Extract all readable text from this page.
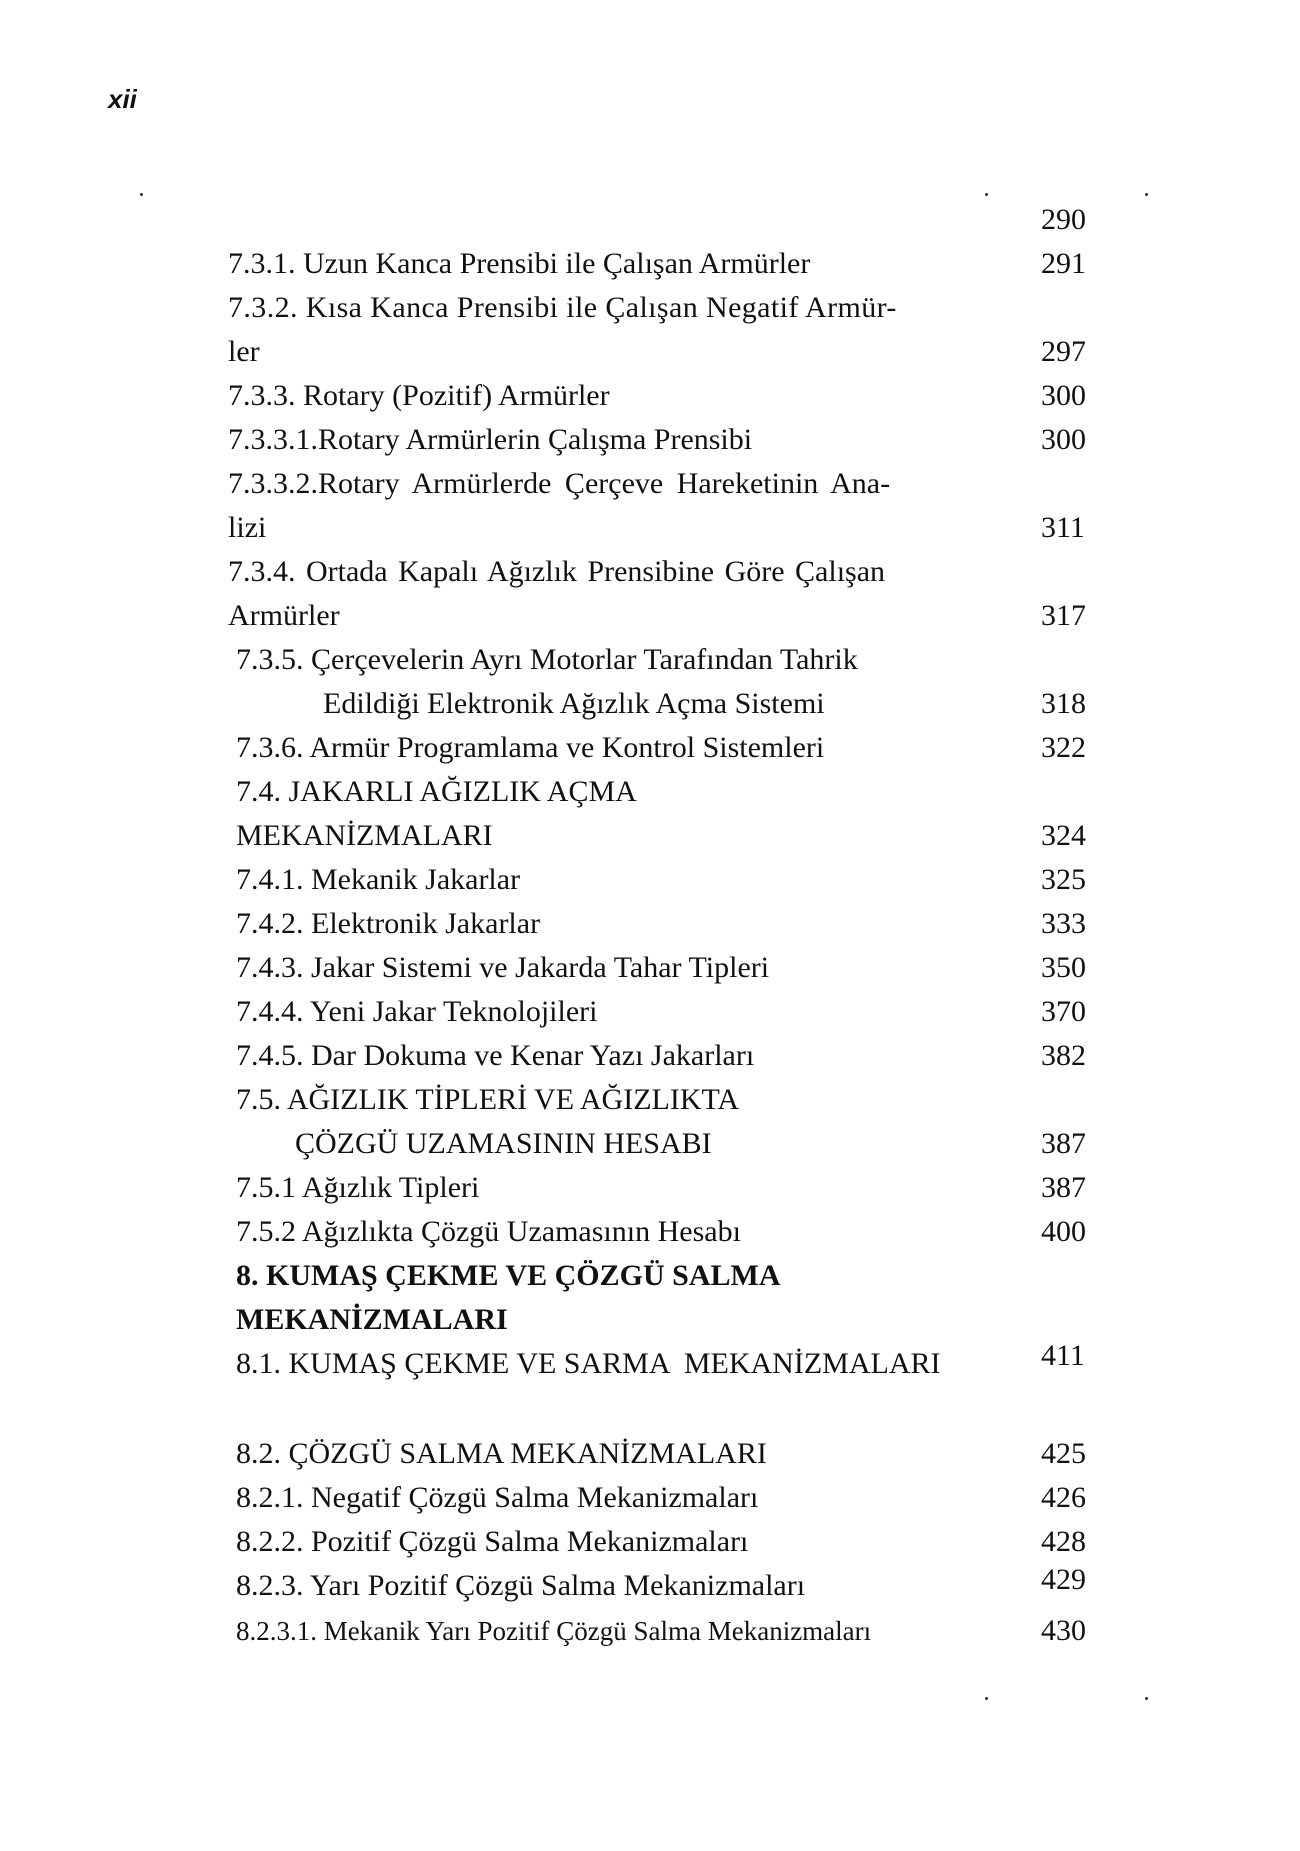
xii
290
7.3.1. Uzun Kanca Prensibi ile Çalışan Armürler	291
7.3.2. Kısa Kanca Prensibi ile Çalışan Negatif Armür-
ler	297
7.3.3. Rotary (Pozitif) Armürler	300
7.3.3.1.Rotary Armürlerin Çalışma Prensibi	300
7.3.3.2.Rotary Armürlerde Çerçeve Hareketinin Ana-
lizi	311
7.3.4. Ortada Kapalı Ağızlık Prensibine Göre Çalışan
Armürler	317
7.3.5. Çerçevelerin Ayrı Motorlar Tarafından Tahrik
Edildiği Elektronik Ağızlık Açma Sistemi	318
7.3.6. Armür Programlama ve Kontrol Sistemleri	322
7.4. JAKARLI AĞIZLIK AÇMA
MEKANİZMALARI	324
7.4.1. Mekanik Jakarlar	325
7.4.2. Elektronik Jakarlar	333
7.4.3. Jakar Sistemi ve Jakarda Tahar Tipleri	350
7.4.4. Yeni Jakar Teknolojileri	370
7.4.5. Dar Dokuma ve Kenar Yazı Jakarları	382
7.5. AĞIZLIK TİPLERİ VE AĞIZLIKTA
ÇÖZGÜ UZAMASININ HESABI	387
7.5.1 Ağızlık Tipleri	387
7.5.2 Ağızlıkta Çözgü Uzamasının Hesabı	400
8. KUMAŞ ÇEKME VE ÇÖZGÜ SALMA
MEKANİZMALARI
8.1. KUMAŞ ÇEKME VE SARMA  MEKANİZMALARI	411
8.2. ÇÖZGÜ SALMA MEKANİZMALARI	425
8.2.1. Negatif Çözgü Salma Mekanizmaları	426
8.2.2. Pozitif Çözgü Salma Mekanizmaları	428
8.2.3. Yarı Pozitif Çözgü Salma Mekanizmaları	429
8.2.3.1. Mekanik Yarı Pozitif Çözgü Salma Mekanizmaları	430
